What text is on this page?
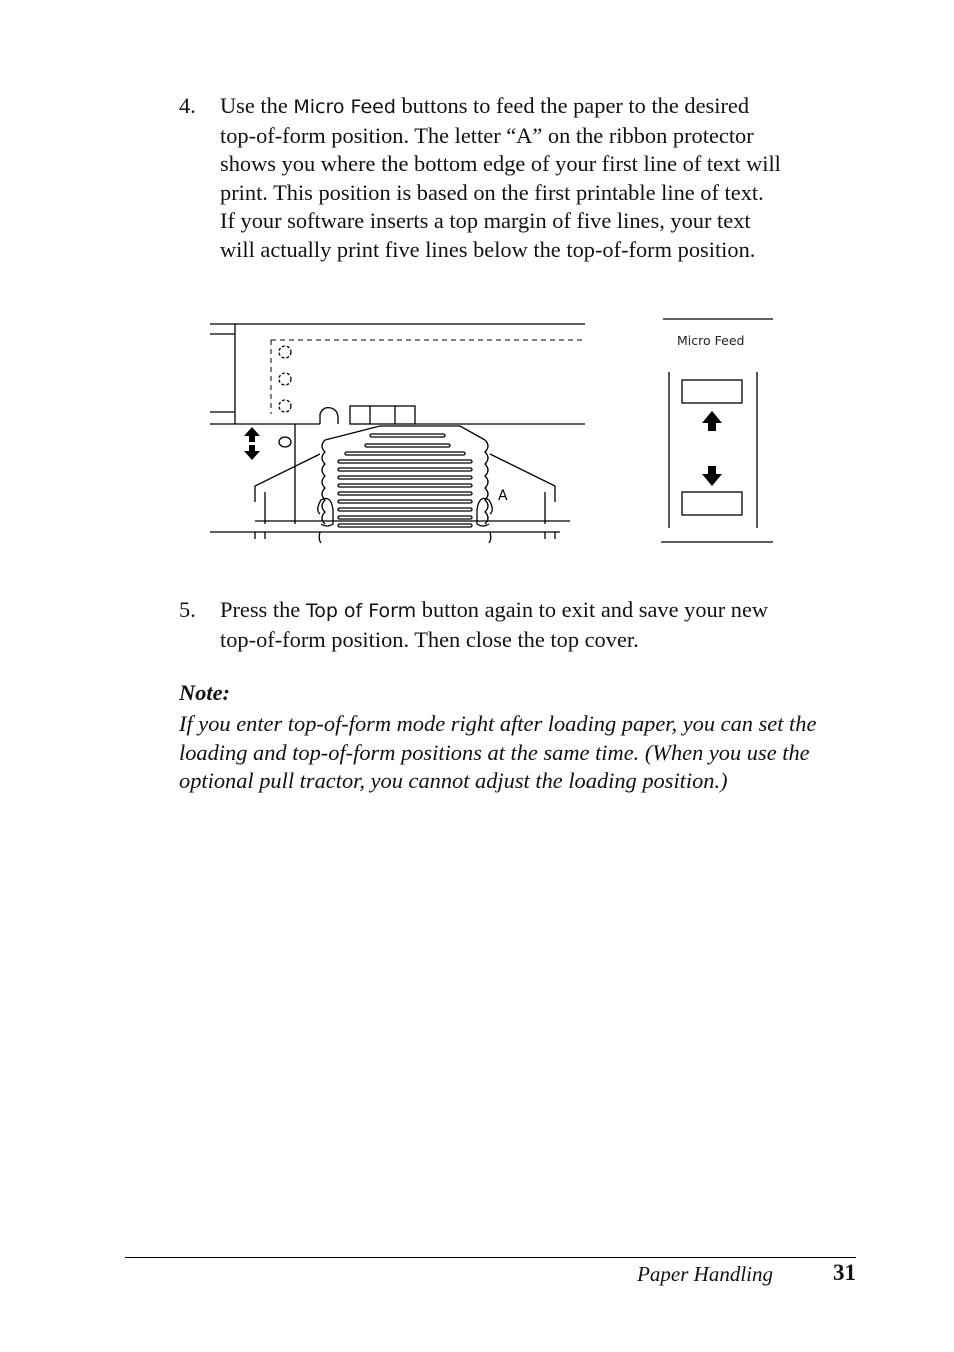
4. Use the Micro Feed buttons to feed the paper to the desired
top-of-form position. The letter “A” on the ribbon protector
shows you where the bottom edge of your first line of text will
print. This position is based on the first printable line of text.
If your software inserts a top margin of five lines, your text
will actually print five lines below the top-of-form position.
A
Micro Feed
5. Press the Top of Form button again to exit and save your new
top-of-form position. Then close the top cover.
Note:
If you enter top-of-form mode right after loading paper, you can set the
loading and top-of-form positions at the same time. (When you use the
optional pull tractor, you cannot adjust the loading position.)
Paper Handling	31
